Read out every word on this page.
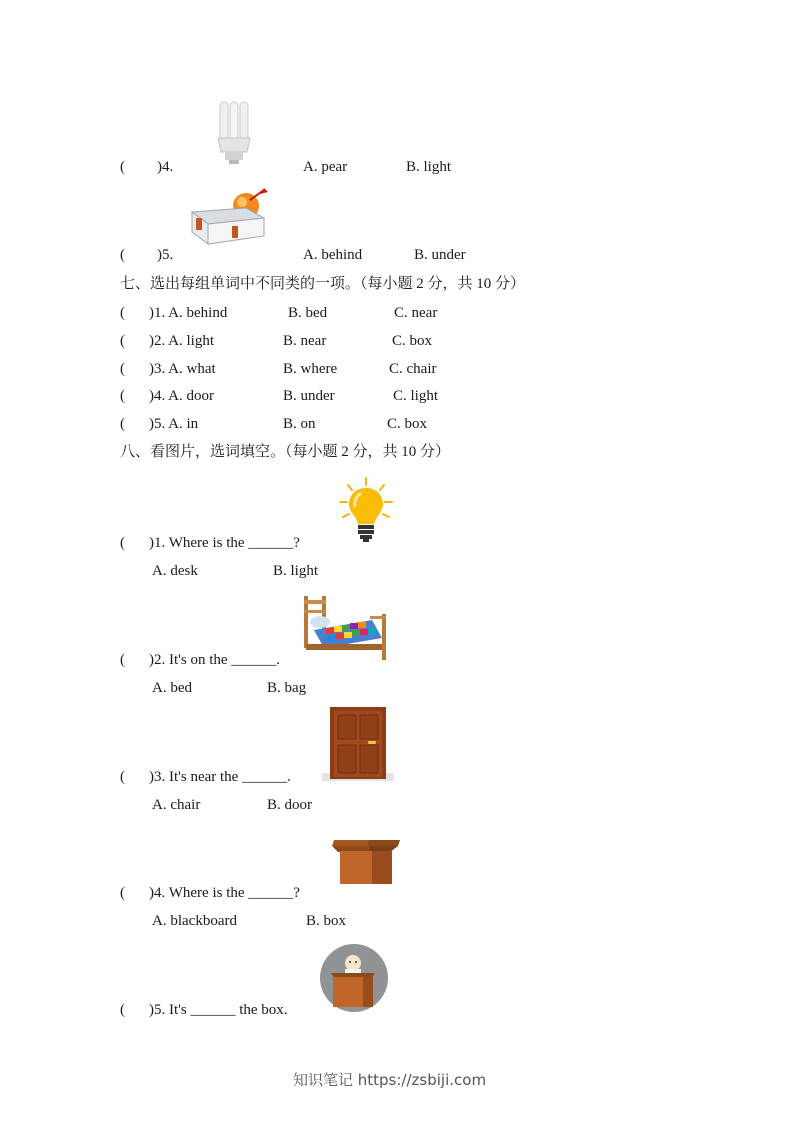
( )4.	A. pear	B. light
( )5.	A. behind	B. under
七、选出每组单词中不同类的一项。（每小题 2 分，共 10 分）
( )1. A. behind	B. bed	C. near
( )2. A. light	B. near	C. box
( )3. A. what	B. where	C. chair
( )4. A. door	B. under	C. light
( )5. A. in	B. on	C. box
八、看图片，选词填空。（每小题 2 分，共 10 分）
( )1. Where is the ______?
A. desk	B. light
( )2. It's on the ______.
A. bed	B. bag
( )3. It's near the ______.
A. chair	B. door
( )4. Where is the ______?
A. blackboard	B. box
( )5. It's ______ the box.
知识笔记 https://zsbiji.com
